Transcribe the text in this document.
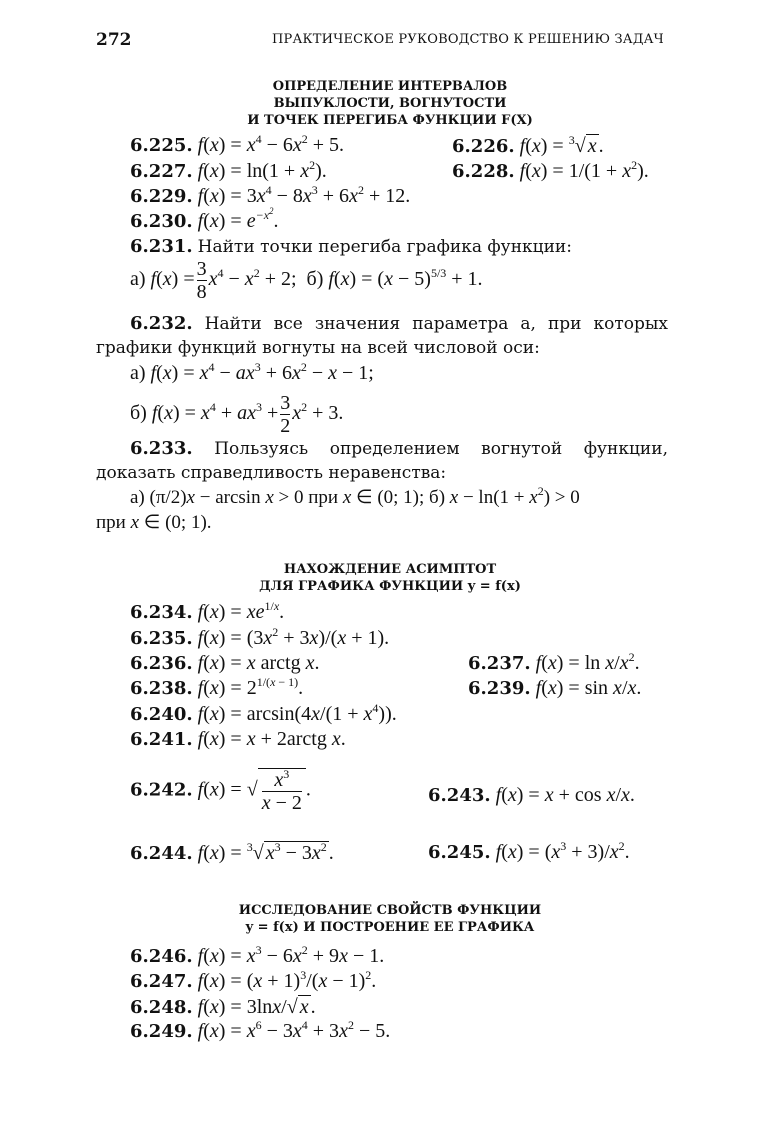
272	ПРАКТИЧЕСКОЕ РУКОВОДСТВО К РЕШЕНИЮ ЗАДАЧ
ОПРЕДЕЛЕНИЕ ИНТЕРВАЛОВ
ВЫПУКЛОСТИ, ВОГНУТОСТИ
И ТОЧЕК ПЕРЕГИБА ФУНКЦИИ F(X)
6.225. $f(x) = x^4 - 6x^2 + 5$.	6.226. f(x) = $^3$√ x .
6.227. $f(x) = \ln(1 + x^2)$.	6.228. $f(x) = 1/(1 + x^2)$.
6.229. $f(x) = 3x^4 - 8x^3 + 6x^2 + 12$.
6.230. $f(x) = e^{-x^2}$.
6.231. Найти точки перегиба графика функции:
а) $f(x) = \frac{3}{8} x^4 - x^2 + 2$;  б) $f(x) = (x - 5)^{5/3} + 1$.
6.232. Найти все значения параметра a, при которых графики функций вогнуты на всей числовой оси:
а) $f(x) = x^4 - ax^3 + 6x^2 - x - 1$;
б) $f(x) = x^4 + ax^3 + \frac{3}{2} x^2 + 3$.
6.233. Пользуясь определением вогнутой функции, доказать справедливость неравенства:
а) (π/2)x − arcsin x > 0 при x ∈ (0; 1); б) $x - \ln(1 + x^2) > 0$
при x ∈ (0; 1).
НАХОЖДЕНИЕ АСИМПТОТ
ДЛЯ ГРАФИКА ФУНКЦИИ y = f(x)
6.234. $f(x) = xe^{1/x}$.
6.235. $f(x) = (3x^2 + 3x)/(x + 1)$.
6.236. f(x) = x arctg x.	6.237. $f(x) = \ln x/x^2$.
6.238. $f(x) = 2^{1/(x - 1)}$.	6.239. f(x) = sin x/x.
6.240. $f(x) = \arcsin(4x/(1 + x^4))$.
6.241. f(x) = x + 2arctg x.
6.242. f(x) = √ $\frac{x^3}{x - 2}$ .	6.243. f(x) = x + cos x/x.
6.244. f(x) = $^3$√ $x^3 - 3x^2$ .	6.245. $f(x) = (x^3 + 3)/x^2$.
ИССЛЕДОВАНИЕ СВОЙСТВ ФУНКЦИИ
y = f(x) И ПОСТРОЕНИЕ ЕЕ ГРАФИКА
6.246. $f(x) = x^3 - 6x^2 + 9x - 1$.
6.247. $f(x) = (x + 1)^3/(x - 1)^2$.
6.248. f(x) = 3lnx/√ x .
6.249. $f(x) = x^6 - 3x^4 + 3x^2 - 5$.
